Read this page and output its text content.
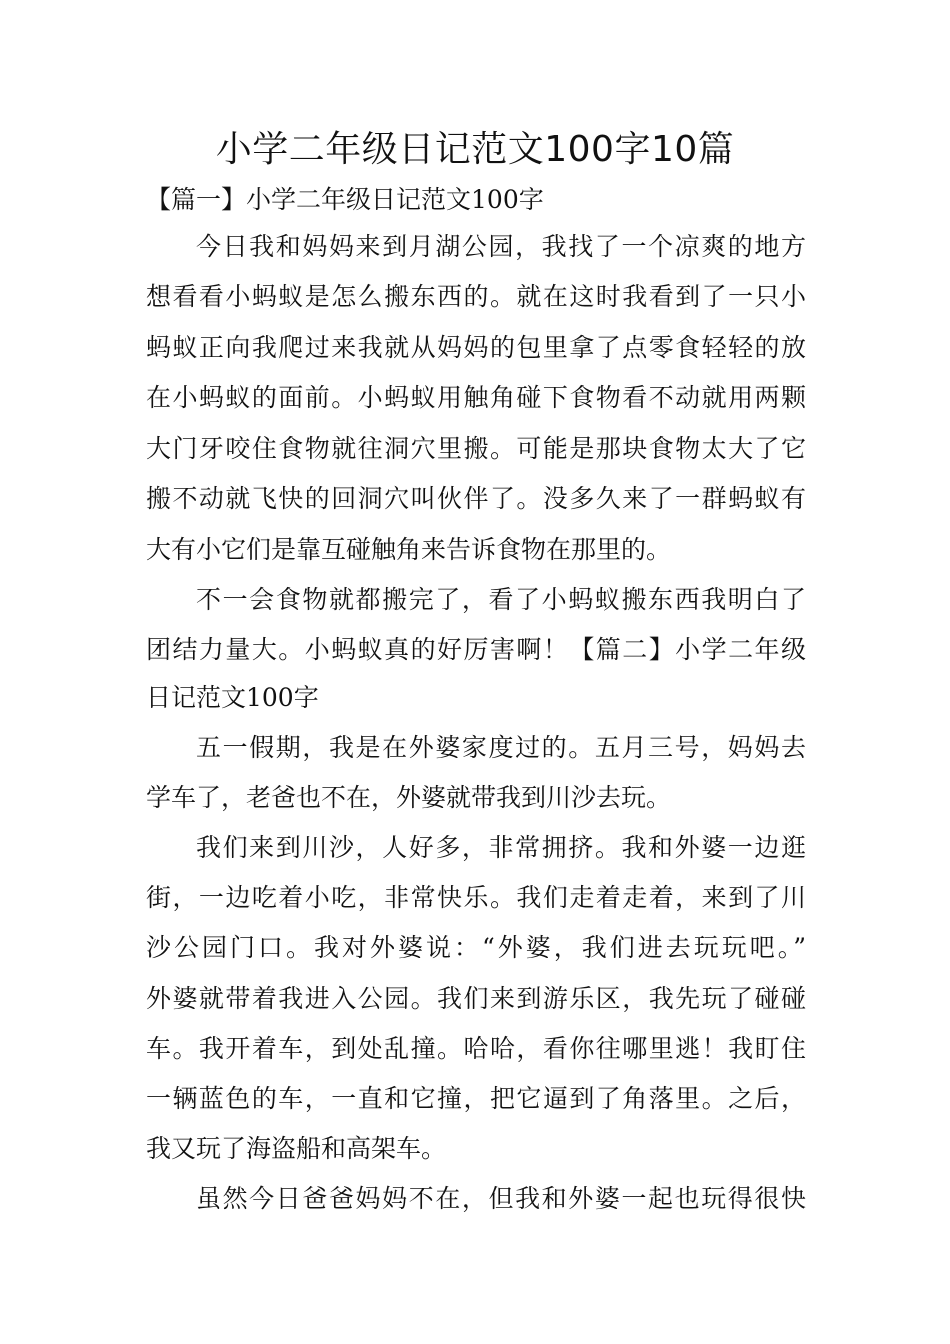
小学二年级日记范文100字10篇

【篇一】小学二年级日记范文100字

今日我和妈妈来到月湖公园，我找了一个凉爽的地方

想看看小蚂蚁是怎么搬东西的。就在这时我看到了一只小

蚂蚁正向我爬过来我就从妈妈的包里拿了点零食轻轻的放

在小蚂蚁的面前。小蚂蚁用触角碰下食物看不动就用两颗

大门牙咬住食物就往洞穴里搬。可能是那块食物太大了它

搬不动就飞快的回洞穴叫伙伴了。没多久来了一群蚂蚁有

大有小它们是靠互碰触角来告诉食物在那里的。

不一会食物就都搬完了，看了小蚂蚁搬东西我明白了

团结力量大。小蚂蚁真的好厉害啊！【篇二】小学二年级

日记范文100字

五一假期，我是在外婆家度过的。五月三号，妈妈去

学车了，老爸也不在，外婆就带我到川沙去玩。

我们来到川沙，人好多，非常拥挤。我和外婆一边逛

街，一边吃着小吃，非常快乐。我们走着走着，来到了川

沙公园门口。我对外婆说：“外婆，我们进去玩玩吧。”

外婆就带着我进入公园。我们来到游乐区，我先玩了碰碰

车。我开着车，到处乱撞。哈哈，看你往哪里逃！我盯住

一辆蓝色的车，一直和它撞，把它逼到了角落里。之后，

我又玩了海盗船和高架车。

虽然今日爸爸妈妈不在，但我和外婆一起也玩得很快
